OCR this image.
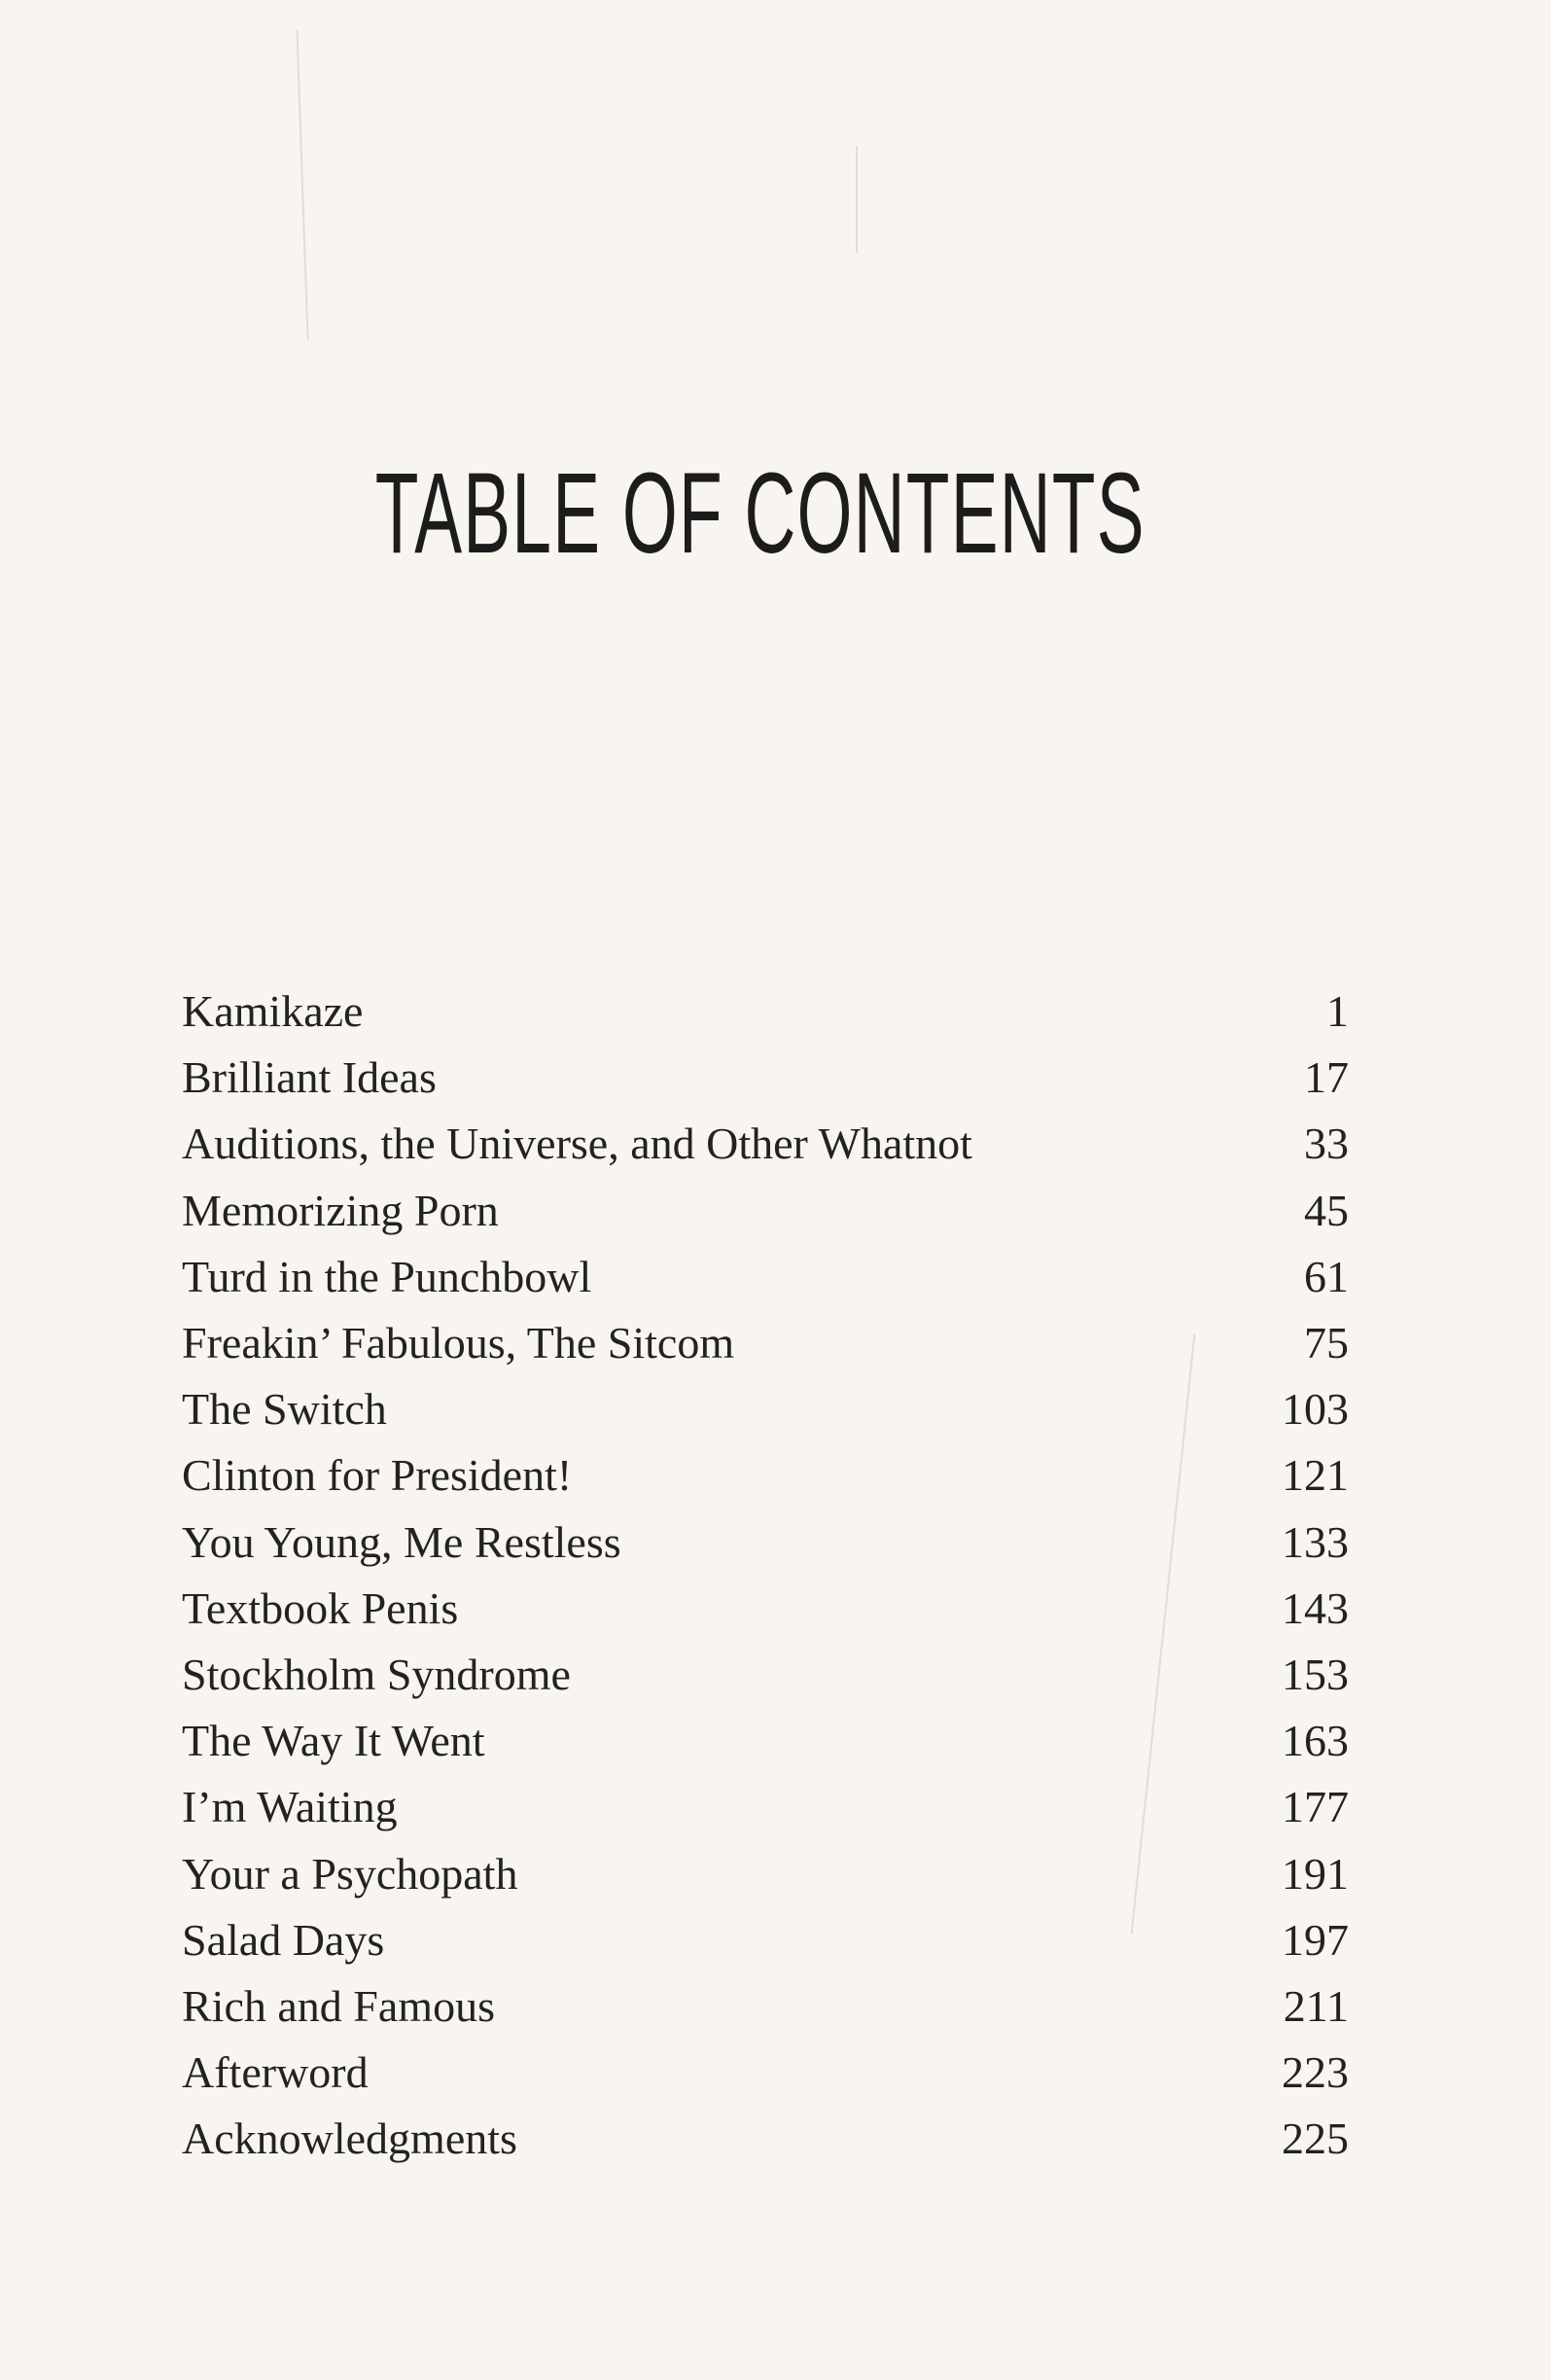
TABLE OF CONTENTS
Kamikaze	1
Brilliant Ideas	17
Auditions, the Universe, and Other Whatnot	33
Memorizing Porn	45
Turd in the Punchbowl	61
Freakin’ Fabulous, The Sitcom	75
The Switch	103
Clinton for President!	121
You Young, Me Restless	133
Textbook Penis	143
Stockholm Syndrome	153
The Way It Went	163
I’m Waiting	177
Your a Psychopath	191
Salad Days	197
Rich and Famous	211
Afterword	223
Acknowledgments	225
